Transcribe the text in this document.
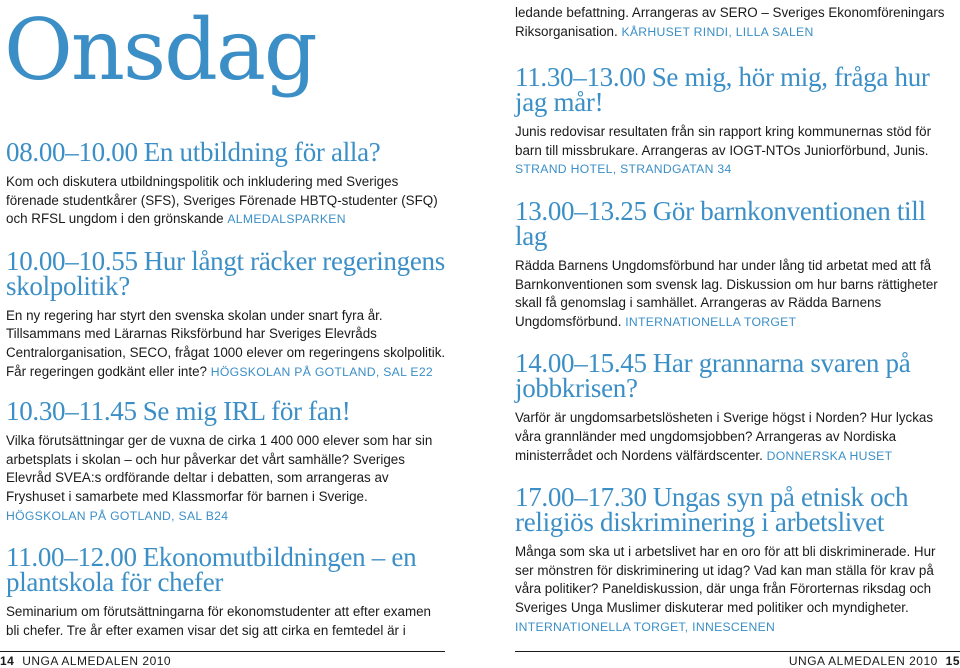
Onsdag
08.00–10.00 En utbildning för alla?
Kom och diskutera utbildningspolitik och inkludering med Sveriges förenade studentkårer (SFS), Sveriges Förenade HBTQ-studenter (SFQ) och RFSL ungdom i den grönskande ALMEDALSPARKEN
10.00–10.55 Hur långt räcker regeringens skolpolitik?
En ny regering har styrt den svenska skolan under snart fyra år. Tillsammans med Lärarnas Riksförbund har Sveriges Elevråds Centralorganisation, SECO, frågat 1000 elever om regeringens skolpolitik. Får regeringen godkänt eller inte? HÖGSKOLAN PÅ GOTLAND, SAL E22
10.30–11.45 Se mig IRL för fan!
Vilka förutsättningar ger de vuxna de cirka 1 400 000 elever som har sin arbetsplats i skolan – och hur påverkar det vårt samhälle? Sveriges Elevråd SVEA:s ordförande deltar i debatten, som arrangeras av Fryshuset i samarbete med Klassmorfar för barnen i Sverige. HÖGSKOLAN PÅ GOTLAND, SAL B24
11.00–12.00 Ekonomutbildningen – en plantskola för chefer
Seminarium om förutsättningarna för ekonomstudenter att efter examen bli chefer. Tre år efter examen visar det sig att cirka en femtedel är i
ledande befattning. Arrangeras av SERO – Sveriges Ekonomföreningars Riksorganisation. KÅRHUSET RINDI, LILLA SALEN
11.30–13.00 Se mig, hör mig, fråga hur jag mår!
Junis redovisar resultaten från sin rapport kring kommunernas stöd för barn till missbrukare. Arrangeras av IOGT-NTOs Juniorförbund, Junis. STRAND HOTEL, STRANDGATAN 34
13.00–13.25 Gör barnkonventionen till lag
Rädda Barnens Ungdomsförbund har under lång tid arbetat med att få Barnkonventionen som svensk lag. Diskussion om hur barns rättigheter skall få genomslag i samhället. Arrangeras av Rädda Barnens Ungdomsförbund. INTERNATIONELLA TORGET
14.00–15.45 Har grannarna svaren på jobbkrisen?
Varför är ungdomsarbetslösheten i Sverige högst i Norden? Hur lyckas våra grannländer med ungdomsjobben? Arrangeras av Nordiska ministerrådet och Nordens välfärdscenter. DONNERSKA HUSET
17.00–17.30 Ungas syn på etnisk och religiös diskriminering i arbetslivet
Många som ska ut i arbetslivet har en oro för att bli diskriminerade. Hur ser mönstren för diskriminering ut idag? Vad kan man ställa för krav på våra politiker? Paneldiskussion, där unga från Förorternas riksdag och Sveriges Unga Muslimer diskuterar med politiker och myndigheter. INTERNATIONELLA TORGET, INNESCENEN
14 UNGA ALMEDALEN 2010	UNGA ALMEDALEN 2010 15
